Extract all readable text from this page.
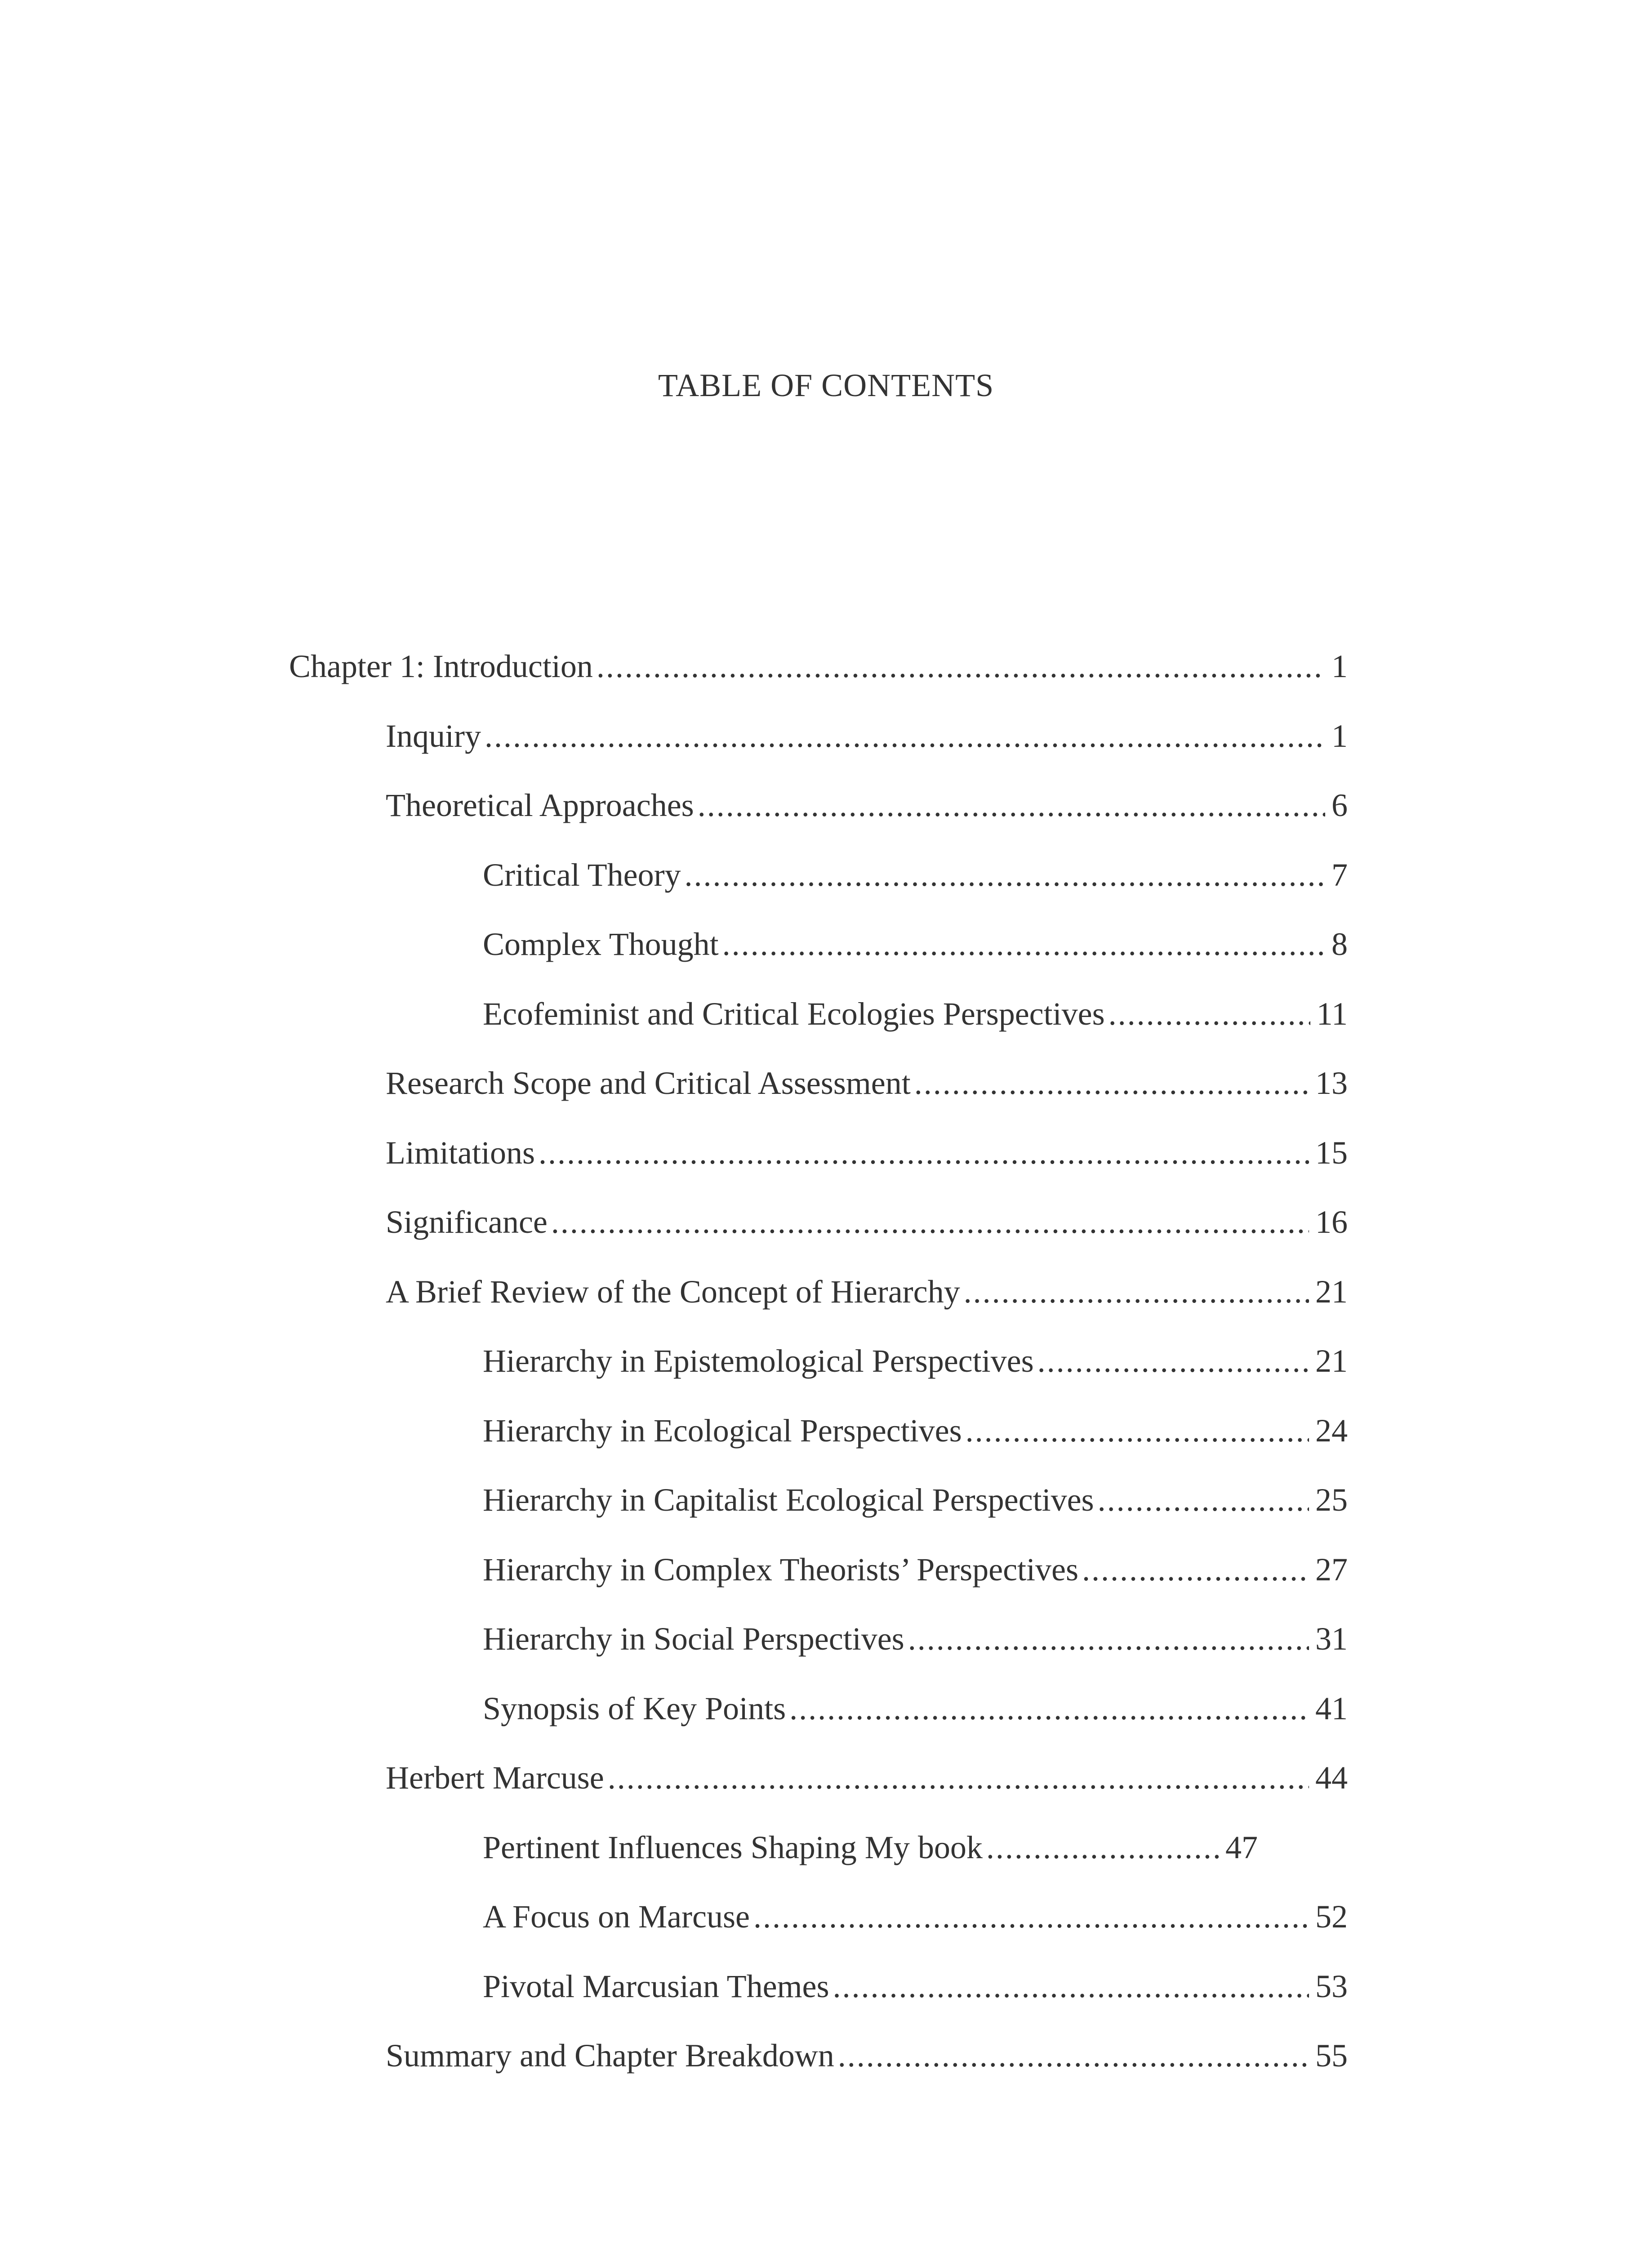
TABLE OF CONTENTS
Chapter 1: Introduction .....	1
Inquiry .....	1
Theoretical Approaches .....	6
Critical Theory .....	7
Complex Thought .....	8
Ecofeminist and Critical Ecologies Perspectives .....	11
Research Scope and Critical Assessment .....	13
Limitations .....	15
Significance .....	16
A Brief Review of the Concept of Hierarchy .....	21
Hierarchy in Epistemological Perspectives .....	21
Hierarchy in Ecological Perspectives .....	24
Hierarchy in Capitalist Ecological Perspectives .....	25
Hierarchy in Complex Theorists’ Perspectives .....	27
Hierarchy in Social Perspectives .....	31
Synopsis of Key Points .....	41
Herbert Marcuse .....	44
Pertinent Influences Shaping My book .....	47
A Focus on Marcuse .....	52
Pivotal Marcusian Themes .....	53
Summary and Chapter Breakdown .....	55
